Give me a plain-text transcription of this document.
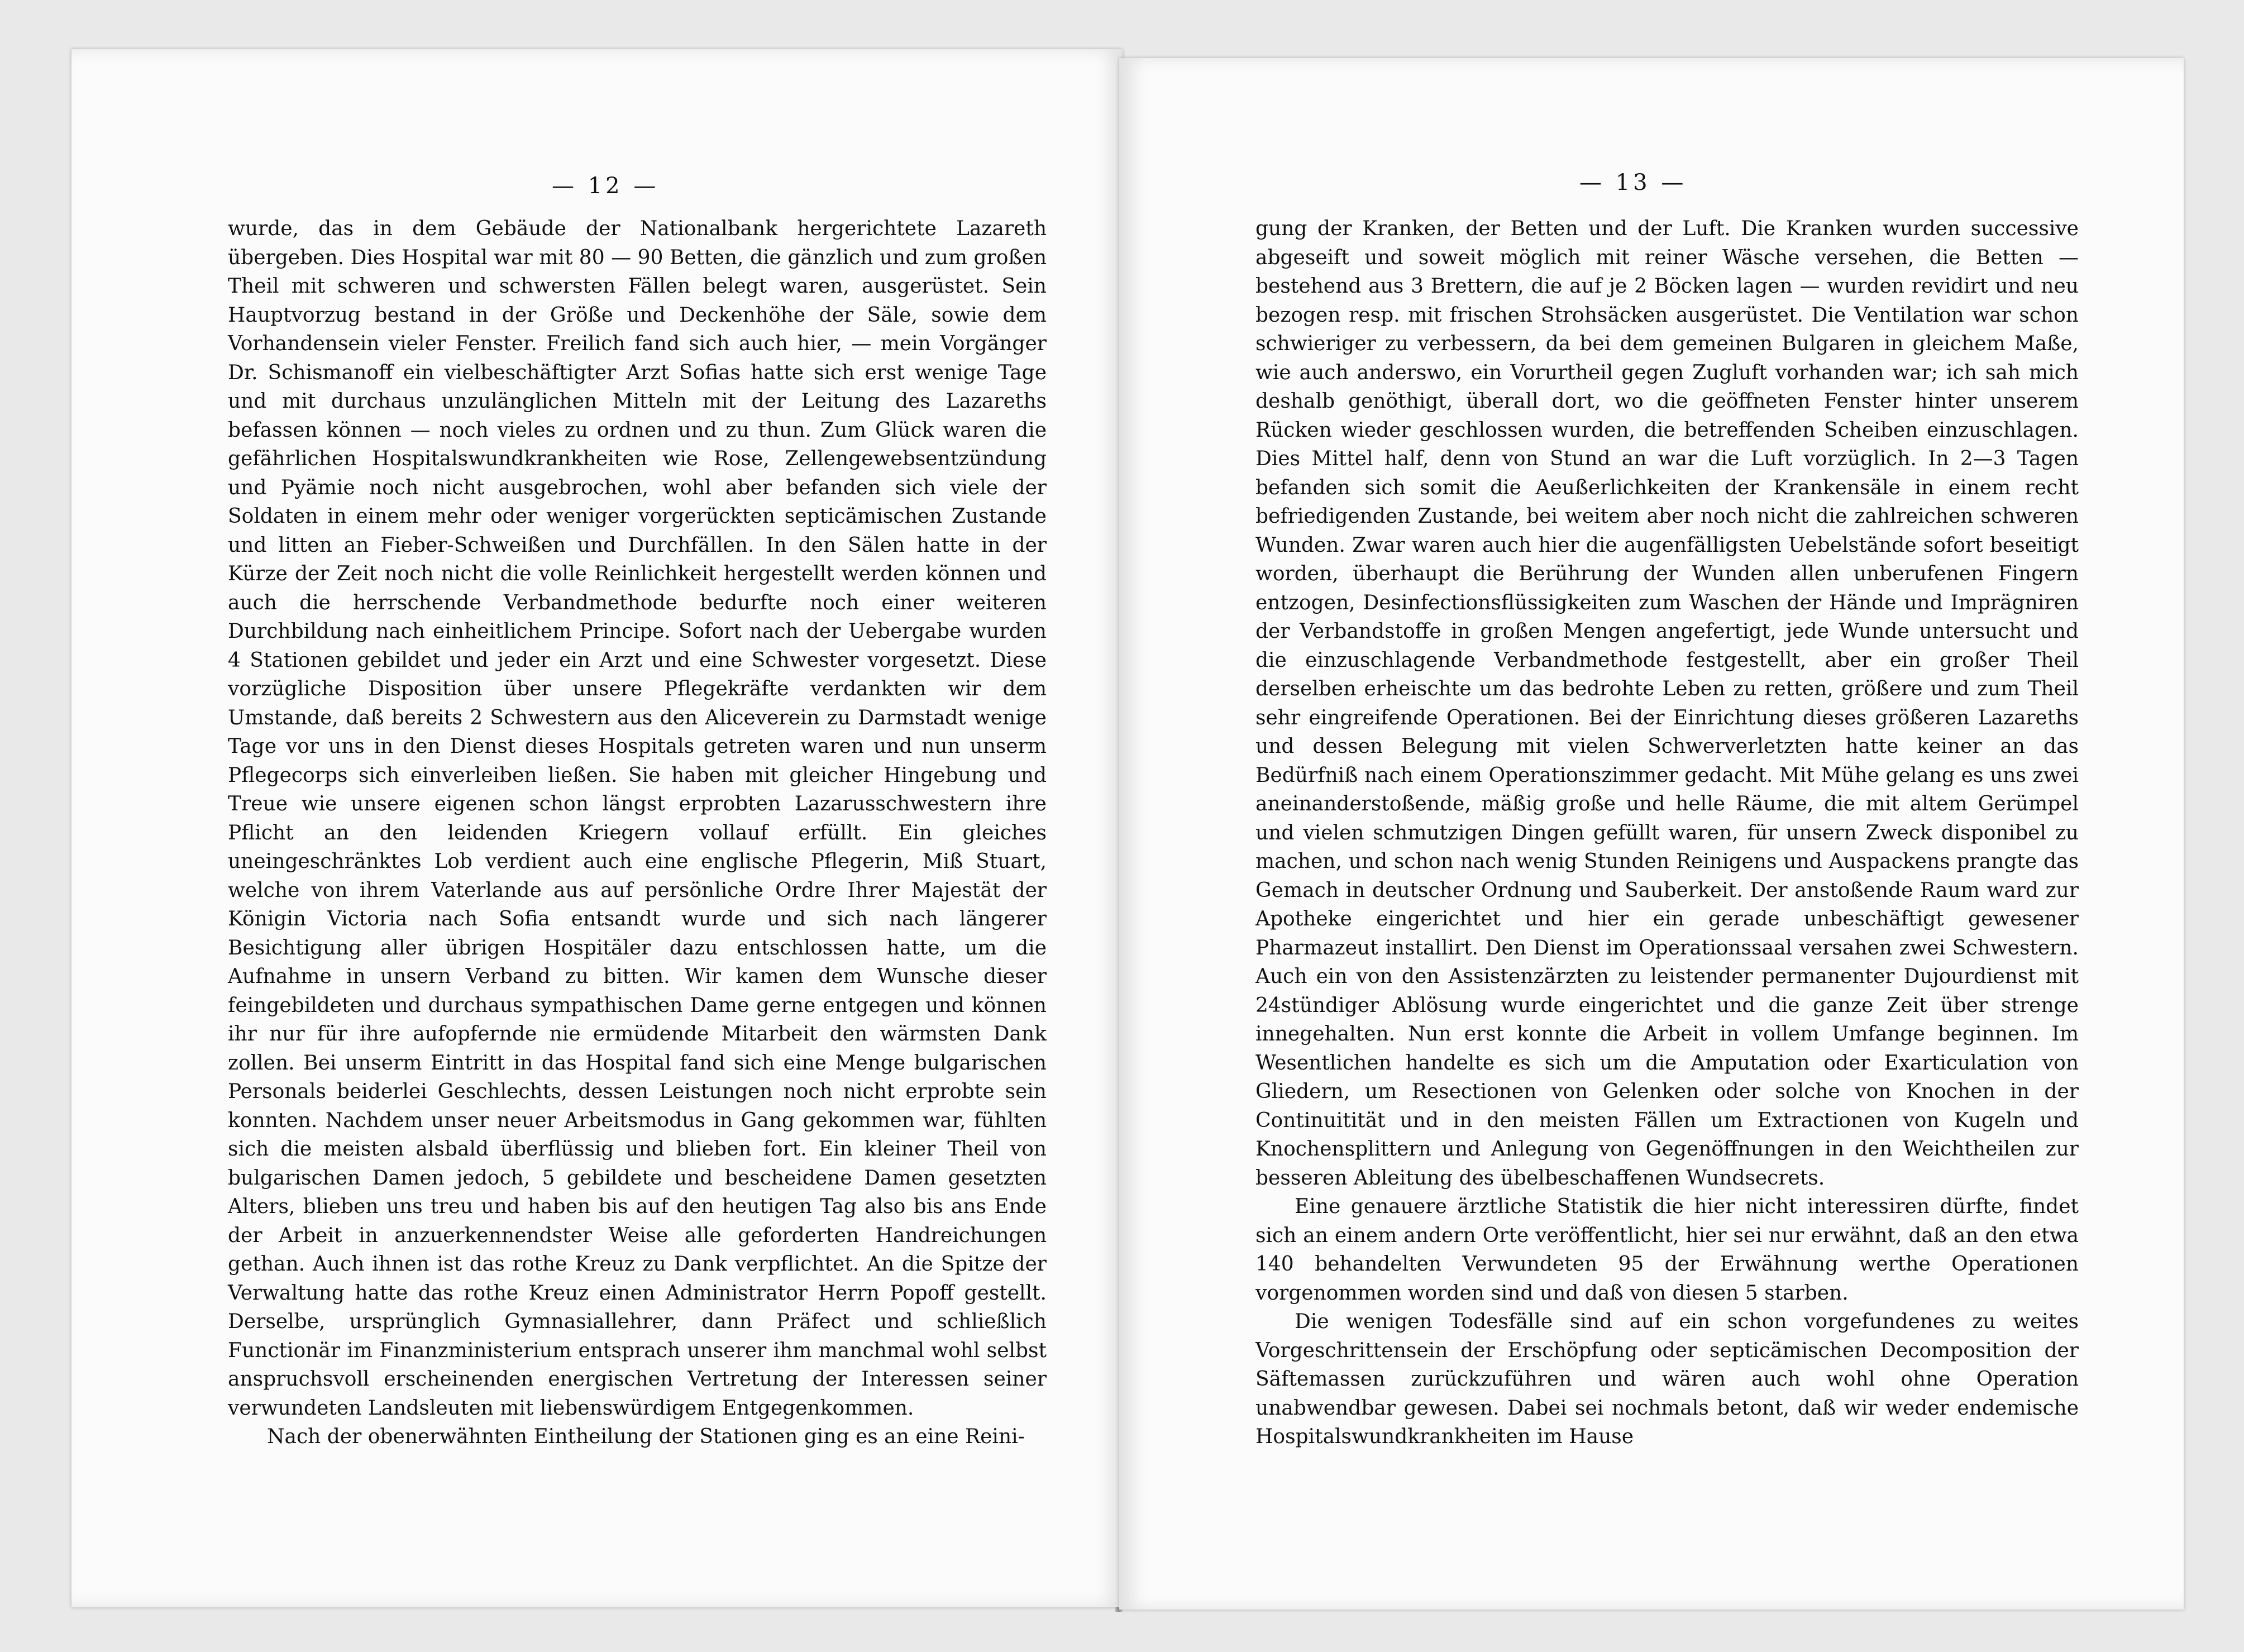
— 12 —

wurde, das in dem Gebäude der Nationalbank hergerichtete Lazareth übergeben. Dies Hospital war mit 80 — 90 Betten, die gänzlich und zum großen Theil mit schweren und schwersten Fällen belegt waren, ausgerüstet. Sein Hauptvorzug bestand in der Größe und Deckenhöhe der Säle, sowie dem Vorhandensein vieler Fenster. Freilich fand sich auch hier, — mein Vorgänger Dr. Schismanoff ein vielbeschäftigter Arzt Sofias hatte sich erst wenige Tage und mit durchaus unzulänglichen Mitteln mit der Leitung des Lazareths befassen können — noch vieles zu ordnen und zu thun. Zum Glück waren die gefährlichen Hospitalswundkrankheiten wie Rose, Zellengewebsentzündung und Pyämie noch nicht ausgebrochen, wohl aber befanden sich viele der Soldaten in einem mehr oder weniger vorgerückten septicämischen Zustande und litten an Fieber-Schweißen und Durchfällen. In den Sälen hatte in der Kürze der Zeit noch nicht die volle Reinlichkeit hergestellt werden können und auch die herrschende Verbandmethode bedurfte noch einer weiteren Durchbildung nach einheitlichem Principe. Sofort nach der Uebergabe wurden 4 Stationen gebildet und jeder ein Arzt und eine Schwester vorgesetzt. Diese vorzügliche Disposition über unsere Pflegekräfte verdankten wir dem Umstande, daß bereits 2 Schwestern aus den Aliceverein zu Darmstadt wenige Tage vor uns in den Dienst dieses Hospitals getreten waren und nun unserm Pflegecorps sich einverleiben ließen. Sie haben mit gleicher Hingebung und Treue wie unsere eigenen schon längst erprobten Lazarusschwestern ihre Pflicht an den leidenden Kriegern vollauf erfüllt. Ein gleiches uneingeschränktes Lob verdient auch eine englische Pflegerin, Miß Stuart, welche von ihrem Vaterlande aus auf persönliche Ordre Ihrer Majestät der Königin Victoria nach Sofia entsandt wurde und sich nach längerer Besichtigung aller übrigen Hospitäler dazu entschlossen hatte, um die Aufnahme in unsern Verband zu bitten. Wir kamen dem Wunsche dieser feingebildeten und durchaus sympathischen Dame gerne entgegen und können ihr nur für ihre aufopfernde nie ermüdende Mitarbeit den wärmsten Dank zollen. Bei unserm Eintritt in das Hospital fand sich eine Menge bulgarischen Personals beiderlei Geschlechts, dessen Leistungen noch nicht erprobte sein konnten. Nachdem unser neuer Arbeitsmodus in Gang gekommen war, fühlten sich die meisten alsbald überflüssig und blieben fort. Ein kleiner Theil von bulgarischen Damen jedoch, 5 gebildete und bescheidene Damen gesetzten Alters, blieben uns treu und haben bis auf den heutigen Tag also bis ans Ende der Arbeit in anzuerkennendster Weise alle geforderten Handreichungen gethan. Auch ihnen ist das rothe Kreuz zu Dank verpflichtet. An die Spitze der Verwaltung hatte das rothe Kreuz einen Administrator Herrn Popoff gestellt. Derselbe, ursprünglich Gymnasiallehrer, dann Präfect und schließlich Functionär im Finanzministerium entsprach unserer ihm manchmal wohl selbst anspruchsvoll erscheinenden energischen Vertretung der Interessen seiner verwundeten Landsleuten mit liebenswürdigem Entgegenkommen.

Nach der obenerwähnten Eintheilung der Stationen ging es an eine Reini-

— 13 —

gung der Kranken, der Betten und der Luft. Die Kranken wurden successive abgeseift und soweit möglich mit reiner Wäsche versehen, die Betten — bestehend aus 3 Brettern, die auf je 2 Böcken lagen — wurden revidirt und neu bezogen resp. mit frischen Strohsäcken ausgerüstet. Die Ventilation war schon schwieriger zu verbessern, da bei dem gemeinen Bulgaren in gleichem Maße, wie auch anderswo, ein Vorurtheil gegen Zugluft vorhanden war; ich sah mich deshalb genöthigt, überall dort, wo die geöffneten Fenster hinter unserem Rücken wieder geschlossen wurden, die betreffenden Scheiben einzuschlagen. Dies Mittel half, denn von Stund an war die Luft vorzüglich. In 2—3 Tagen befanden sich somit die Aeußerlichkeiten der Krankensäle in einem recht befriedigenden Zustande, bei weitem aber noch nicht die zahlreichen schweren Wunden. Zwar waren auch hier die augenfälligsten Uebelstände sofort beseitigt worden, überhaupt die Berührung der Wunden allen unberufenen Fingern entzogen, Desinfectionsflüssigkeiten zum Waschen der Hände und Imprägniren der Verbandstoffe in großen Mengen angefertigt, jede Wunde untersucht und die einzuschlagende Verbandmethode festgestellt, aber ein großer Theil derselben erheischte um das bedrohte Leben zu retten, größere und zum Theil sehr eingreifende Operationen. Bei der Einrichtung dieses größeren Lazareths und dessen Belegung mit vielen Schwerverletzten hatte keiner an das Bedürfniß nach einem Operationszimmer gedacht. Mit Mühe gelang es uns zwei aneinanderstoßende, mäßig große und helle Räume, die mit altem Gerümpel und vielen schmutzigen Dingen gefüllt waren, für unsern Zweck disponibel zu machen, und schon nach wenig Stunden Reinigens und Auspackens prangte das Gemach in deutscher Ordnung und Sauberkeit. Der anstoßende Raum ward zur Apotheke eingerichtet und hier ein gerade unbeschäftigt gewesener Pharmazeut installirt. Den Dienst im Operationssaal versahen zwei Schwestern. Auch ein von den Assistenzärzten zu leistender permanenter Dujourdienst mit 24stündiger Ablösung wurde eingerichtet und die ganze Zeit über strenge innegehalten. Nun erst konnte die Arbeit in vollem Umfange beginnen. Im Wesentlichen handelte es sich um die Amputation oder Exarticulation von Gliedern, um Resectionen von Gelenken oder solche von Knochen in der Continuitität und in den meisten Fällen um Extractionen von Kugeln und Knochensplittern und Anlegung von Gegenöffnungen in den Weichtheilen zur besseren Ableitung des übelbeschaffenen Wundsecrets.

Eine genauere ärztliche Statistik die hier nicht interessiren dürfte, findet sich an einem andern Orte veröffentlicht, hier sei nur erwähnt, daß an den etwa 140 behandelten Verwundeten 95 der Erwähnung werthe Operationen vorgenommen worden sind und daß von diesen 5 starben.

Die wenigen Todesfälle sind auf ein schon vorgefundenes zu weites Vorgeschrittensein der Erschöpfung oder septicämischen Decomposition der Säftemassen zurückzuführen und wären auch wohl ohne Operation unabwendbar gewesen. Dabei sei nochmals betont, daß wir weder endemische Hospitalswundkrankheiten im Hause
